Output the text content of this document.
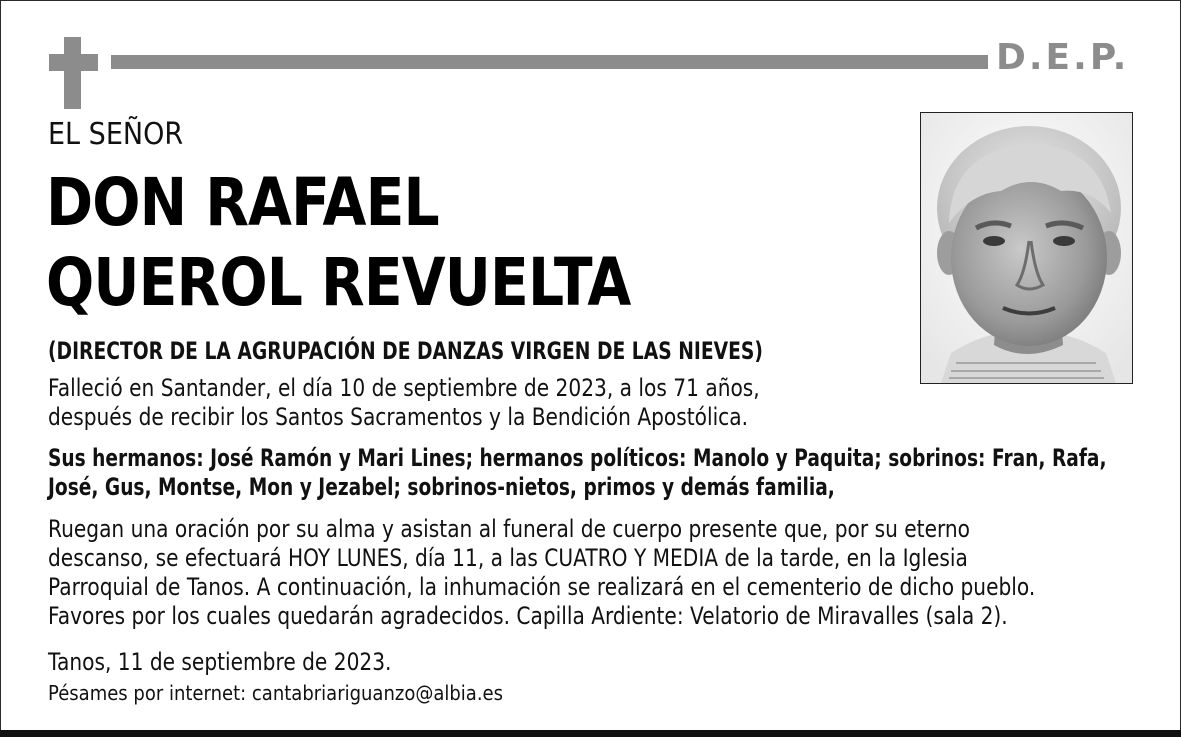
D.E.P.
EL SEÑOR
DON RAFAEL
QUEROL REVUELTA
(DIRECTOR DE LA AGRUPACIÓN DE DANZAS VIRGEN DE LAS NIEVES)
Falleció en Santander, el día 10 de septiembre de 2023, a los 71 años,
después de recibir los Santos Sacramentos y la Bendición Apostólica.
Sus hermanos: José Ramón y Mari Lines; hermanos políticos: Manolo y Paquita; sobrinos: Fran, Rafa,
José, Gus, Montse, Mon y Jezabel; sobrinos-nietos, primos y demás familia,
Ruegan una oración por su alma y asistan al funeral de cuerpo presente que, por su eterno
descanso, se efectuará HOY LUNES, día 11, a las CUATRO Y MEDIA de la tarde, en la Iglesia
Parroquial de Tanos. A continuación, la inhumación se realizará en el cementerio de dicho pueblo.
Favores por los cuales quedarán agradecidos. Capilla Ardiente: Velatorio de Miravalles (sala 2).
Tanos, 11 de septiembre de 2023.
Pésames por internet: cantabriariguanzo@albia.es
